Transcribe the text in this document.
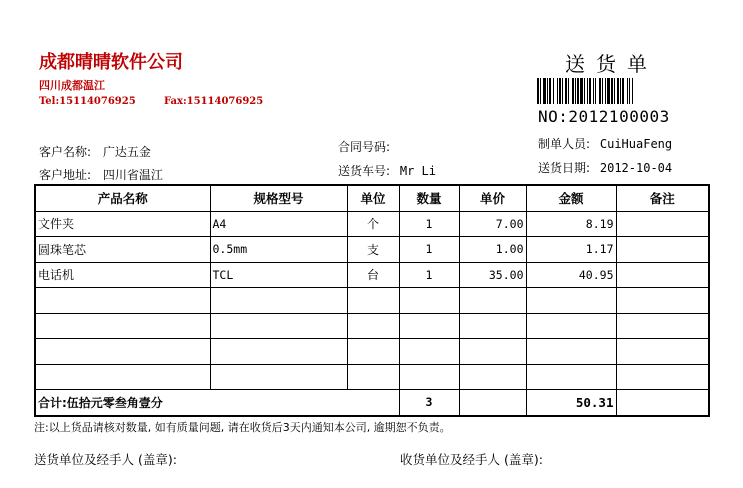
成都晴晴软件公司
四川成都温江
Tel:15114076925	Fax:15114076925
送货单
NO:2012100003
客户名称: 广达五金
客户地址: 四川省温江
合同号码:
送货车号: Mr Li
制单人员: CuiHuaFeng
送货日期: 2012-10-04
产品名称	规格型号	单位	数量	单价	金额	备注
文件夹	A4	个	1	7.00	8.19	
圆珠笔芯	0.5mm	支	1	1.00	1.17	
电话机	TCL	台	1	35.00	40.95	

合计:伍拾元零叁角壹分			3		50.31	
注:以上货品请核对数量, 如有质量问题, 请在收货后3天内通知本公司, 逾期恕不负责。
送货单位及经手人 (盖章):	收货单位及经手人 (盖章):
